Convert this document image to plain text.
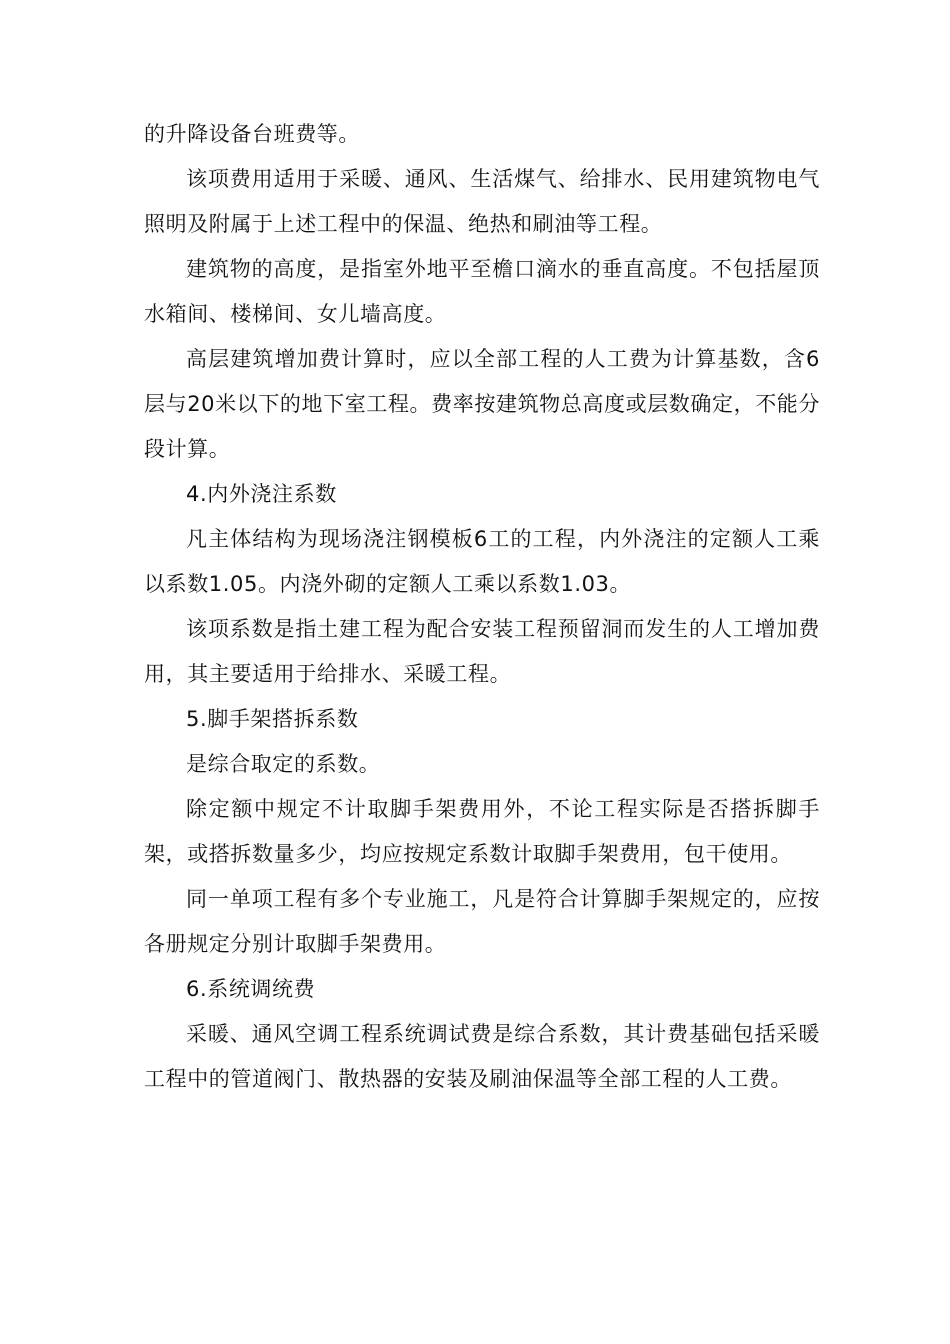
的升降设备台班费等。

该项费用适用于采暖、通风、生活煤气、给排水、民用建筑物电气照明及附属于上述工程中的保温、绝热和刷油等工程。

建筑物的高度，是指室外地平至檐口滴水的垂直高度。不包括屋顶水箱间、楼梯间、女儿墙高度。

高层建筑增加费计算时，应以全部工程的人工费为计算基数，含6层与20米以下的地下室工程。费率按建筑物总高度或层数确定，不能分段计算。

4.内外浇注系数

凡主体结构为现场浇注钢模板6工的工程，内外浇注的定额人工乘以系数1.05。内浇外砌的定额人工乘以系数1.03。

该项系数是指土建工程为配合安装工程预留洞而发生的人工增加费用，其主要适用于给排水、采暖工程。

5.脚手架搭拆系数

是综合取定的系数。

除定额中规定不计取脚手架费用外，不论工程实际是否搭拆脚手架，或搭拆数量多少，均应按规定系数计取脚手架费用，包干使用。

同一单项工程有多个专业施工，凡是符合计算脚手架规定的，应按各册规定分别计取脚手架费用。

6.系统调统费

采暖、通风空调工程系统调试费是综合系数，其计费基础包括采暖工程中的管道阀门、散热器的安装及刷油保温等全部工程的人工费。
